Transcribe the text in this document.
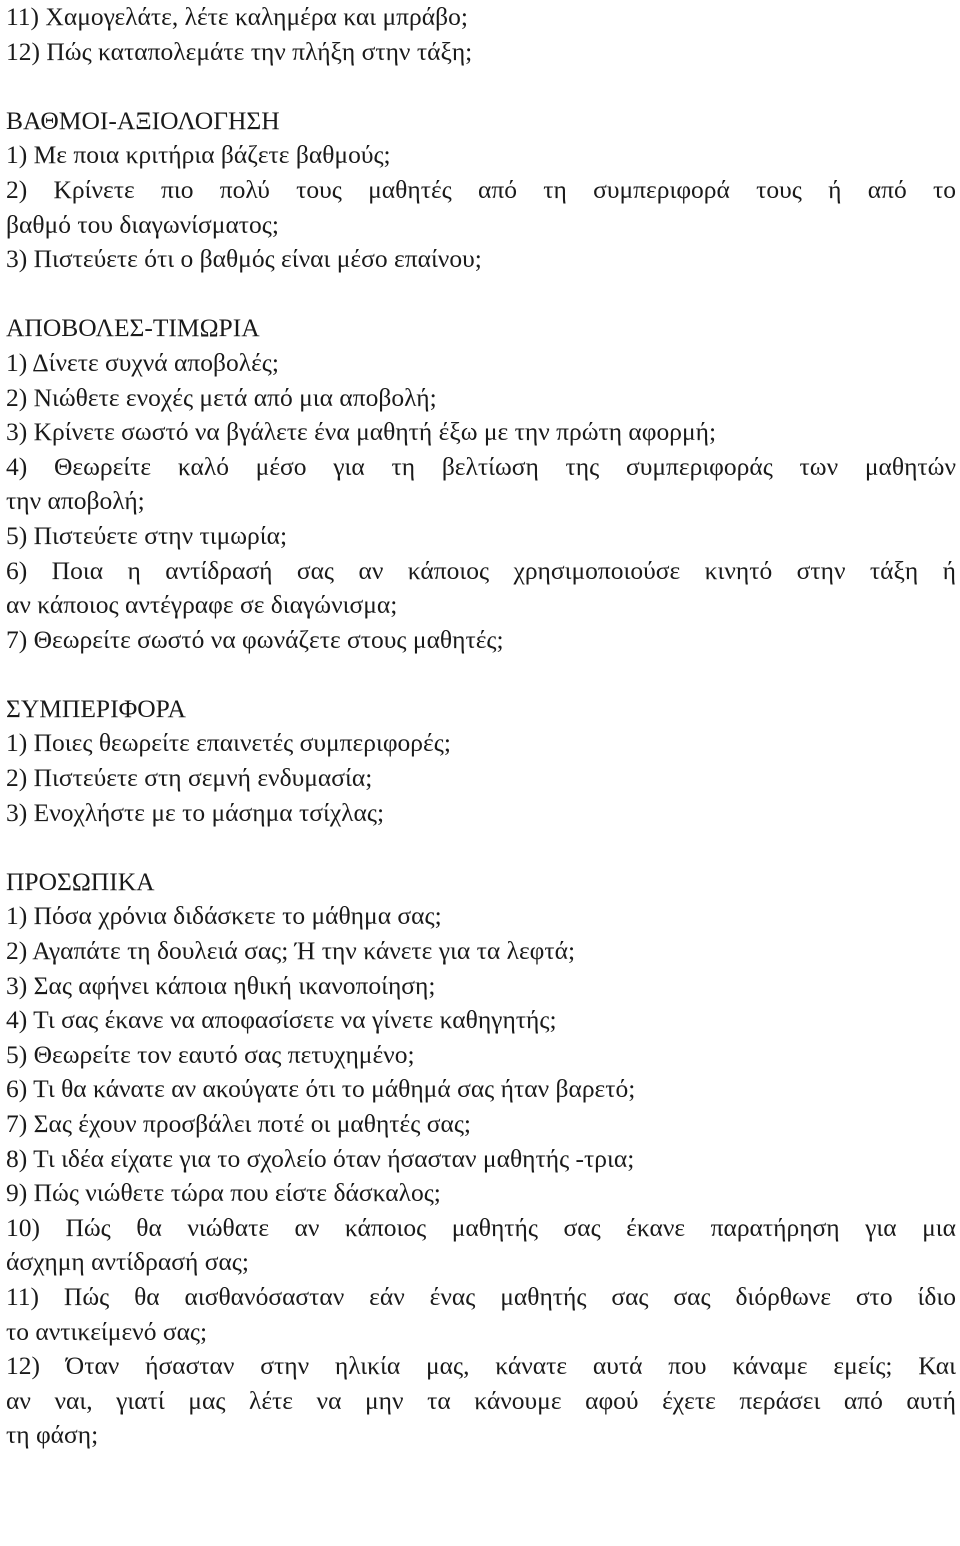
11) Χαμογελάτε, λέτε καλημέρα και μπράβο;
12) Πώς καταπολεμάτε την πλήξη στην τάξη;
ΒΑΘΜΟΙ-ΑΞΙΟΛΟΓΗΣΗ
1) Με ποια κριτήρια βάζετε βαθμούς;
2) Κρίνετε πιο πολύ τους μαθητές από τη συμπεριφορά τους ή από το
βαθμό του διαγωνίσματος;
3) Πιστεύετε ότι ο βαθμός είναι μέσο επαίνου;
ΑΠΟΒΟΛΕΣ-ΤΙΜΩΡΙΑ
1) Δίνετε συχνά αποβολές;
2) Νιώθετε ενοχές μετά από μια αποβολή;
3) Κρίνετε σωστό να βγάλετε ένα μαθητή έξω με την πρώτη αφορμή;
4) Θεωρείτε καλό μέσο για τη βελτίωση της συμπεριφοράς των μαθητών
την αποβολή;
5) Πιστεύετε στην τιμωρία;
6) Ποια η αντίδρασή σας αν κάποιος χρησιμοποιούσε κινητό στην τάξη ή
αν κάποιος αντέγραφε σε διαγώνισμα;
7) Θεωρείτε σωστό να φωνάζετε στους μαθητές;
ΣΥΜΠΕΡΙΦΟΡΑ
1) Ποιες θεωρείτε επαινετές συμπεριφορές;
2) Πιστεύετε στη σεμνή ενδυμασία;
3) Ενοχλήστε με το μάσημα τσίχλας;
ΠΡΟΣΩΠΙΚΑ
1) Πόσα χρόνια διδάσκετε το μάθημα σας;
2) Αγαπάτε τη δουλειά σας; Ή την κάνετε για τα λεφτά;
3) Σας αφήνει κάποια ηθική ικανοποίηση;
4) Τι σας έκανε να αποφασίσετε να γίνετε καθηγητής;
5) Θεωρείτε τον εαυτό σας πετυχημένο;
6) Τι θα κάνατε αν ακούγατε ότι το μάθημά σας ήταν βαρετό;
7) Σας έχουν προσβάλει ποτέ οι μαθητές σας;
8) Τι ιδέα είχατε για το σχολείο όταν ήσασταν μαθητής -τρια;
9) Πώς νιώθετε τώρα που είστε δάσκαλος;
10) Πώς θα νιώθατε αν κάποιος μαθητής σας έκανε παρατήρηση για μια
άσχημη αντίδρασή σας;
11) Πώς θα αισθανόσασταν εάν ένας μαθητής σας σας διόρθωνε στο ίδιο
το αντικείμενό σας;
12) Όταν ήσασταν στην ηλικία μας, κάνατε αυτά που κάναμε εμείς; Και
αν ναι, γιατί μας λέτε να μην τα κάνουμε αφού έχετε περάσει από αυτή
τη φάση;
